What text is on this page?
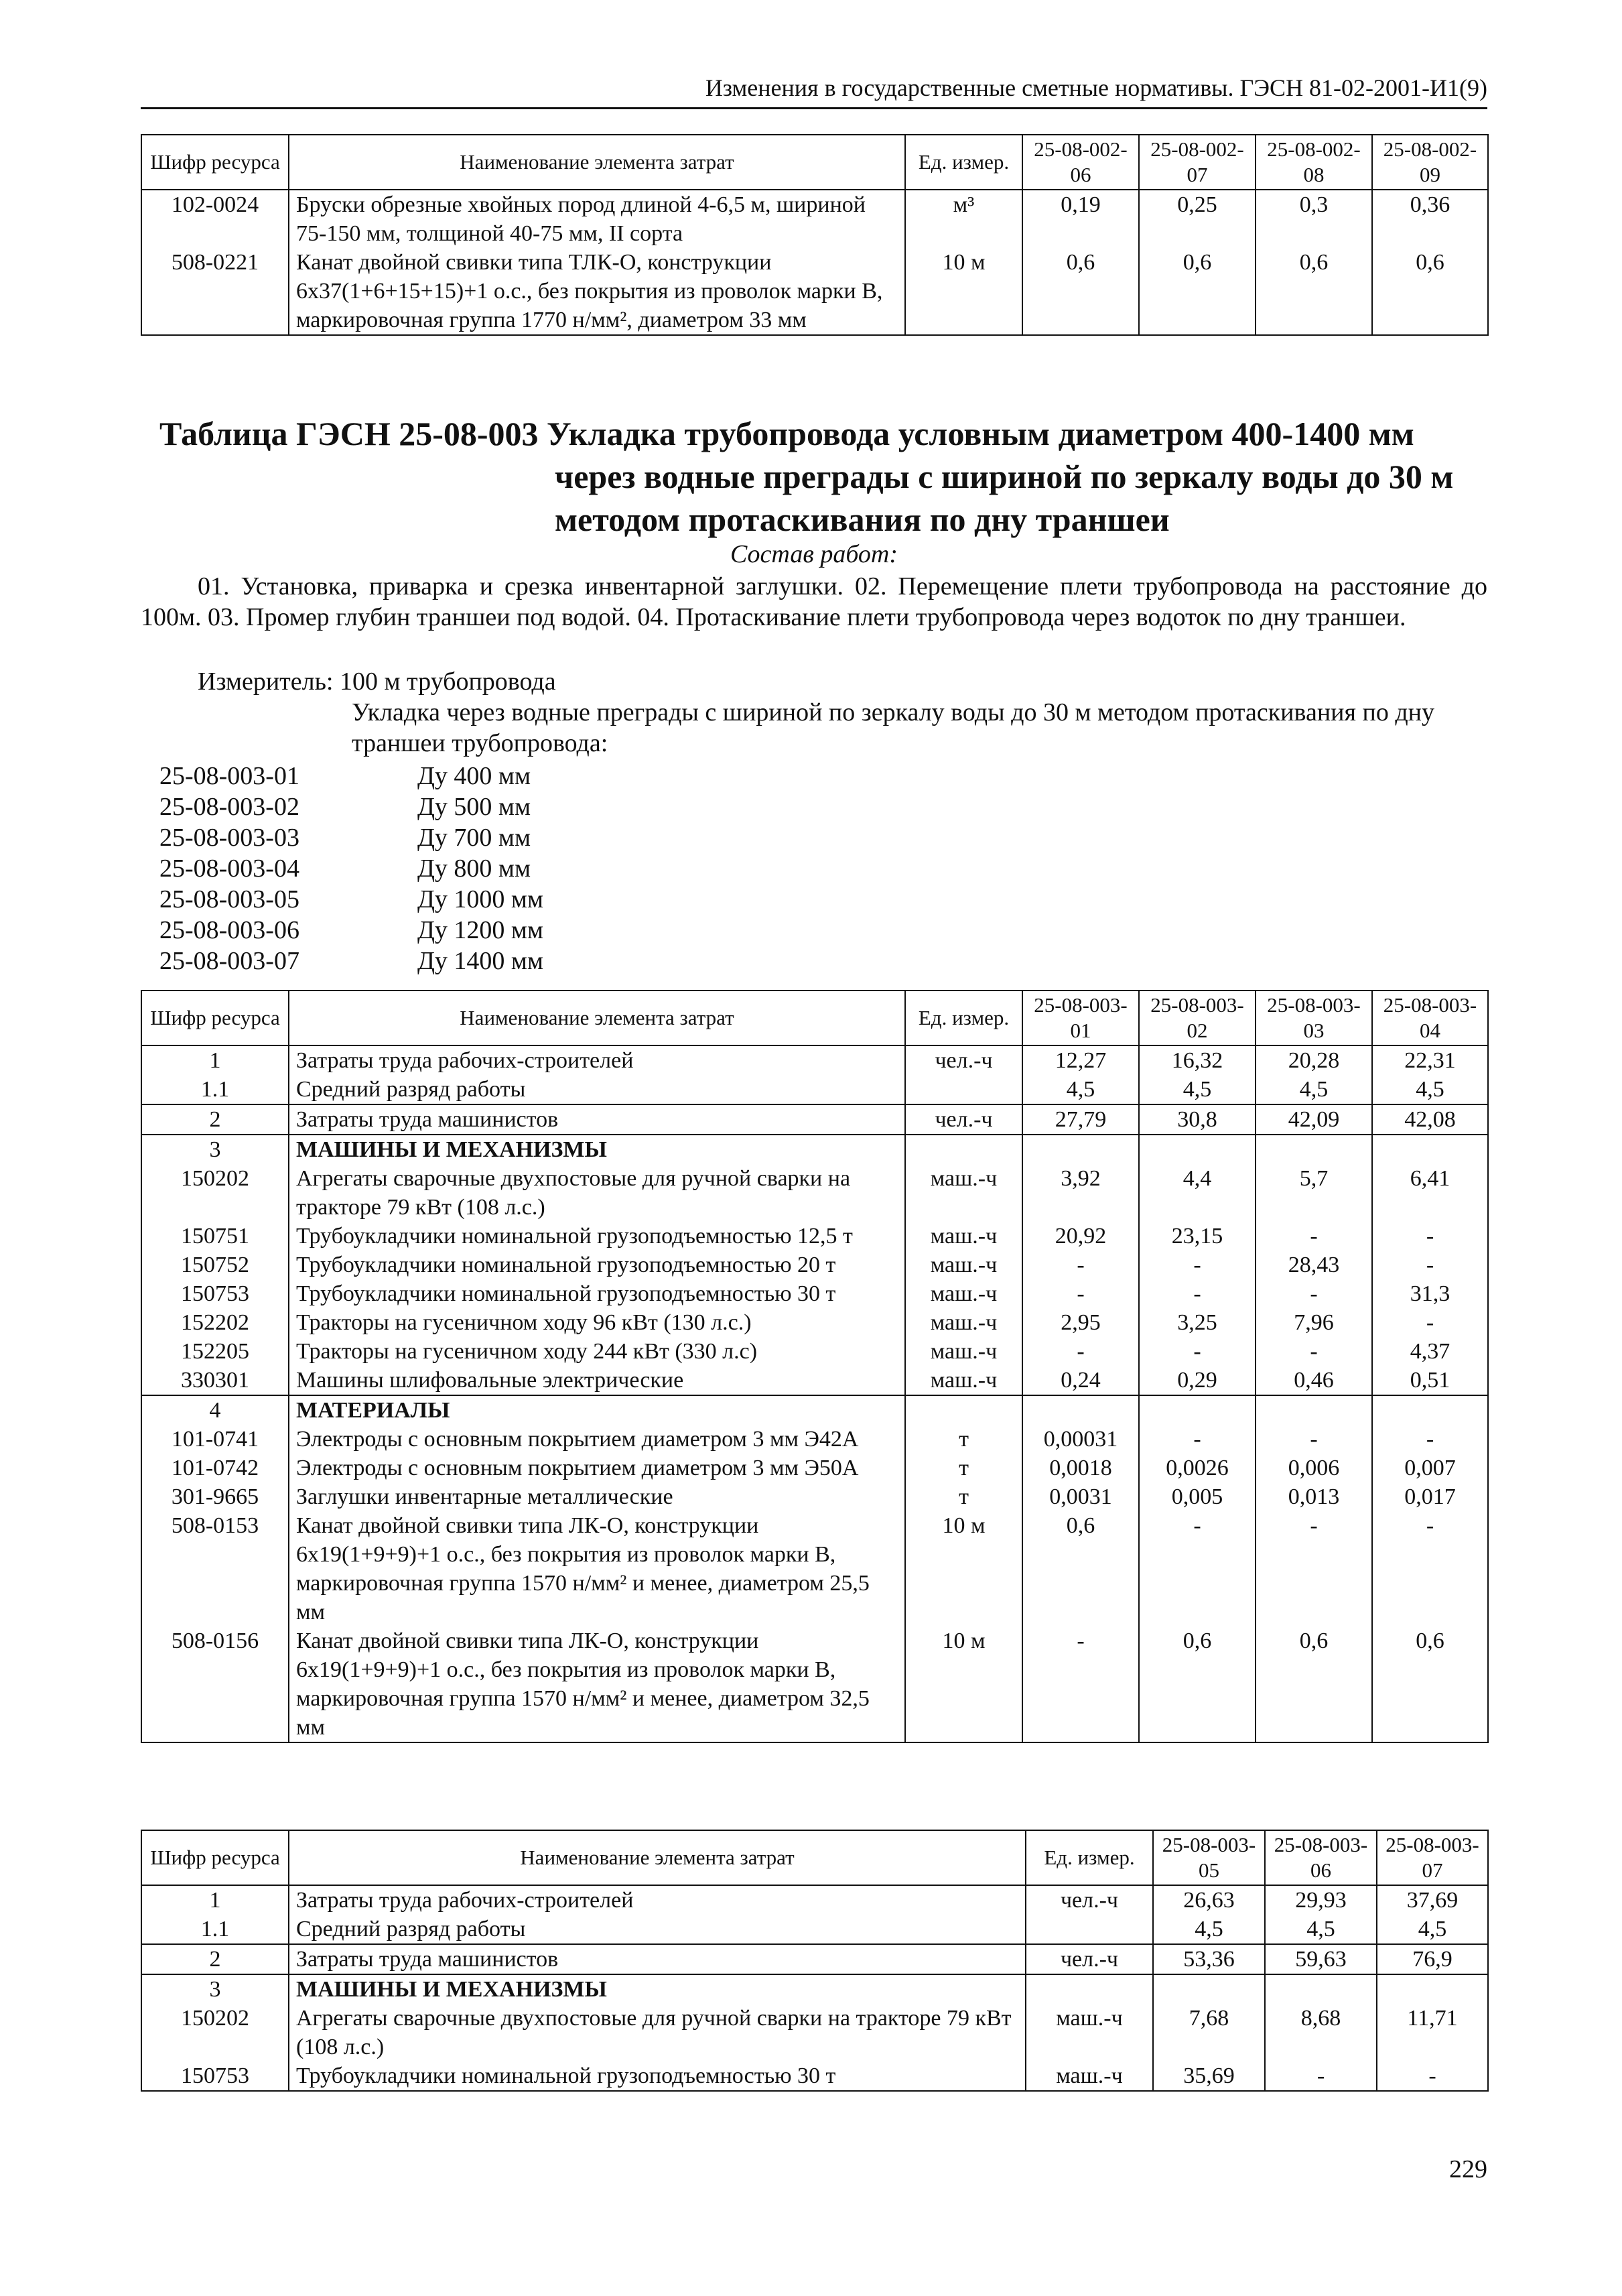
Изменения в государственные сметные нормативы. ГЭСН 81-02-2001-И1(9)
Шифр ресурса	Наименование элемента затрат	Ед. измер.	25-08-002-06	25-08-002-07	25-08-002-08	25-08-002-09
102-0024	Бруски обрезные хвойных пород длиной 4-6,5 м, шириной 75-150 мм, толщиной 40-75 мм, II сорта	м³	0,19	0,25	0,3	0,36
508-0221	Канат двойной свивки типа ТЛК-О, конструкции 6х37(1+6+15+15)+1 о.с., без покрытия из проволок марки В, маркировочная группа 1770 н/мм², диаметром 33 мм	10 м	0,6	0,6	0,6	0,6
Таблица ГЭСН 25-08-003 Укладка трубопровода условным диаметром 400-1400 мм
через водные преграды с шириной по зеркалу воды до 30 м
методом протаскивания по дну траншеи
Состав работ:
01. Установка, приварка и срезка инвентарной заглушки. 02. Перемещение плети трубопровода на расстояние до 100м. 03. Промер глубин траншеи под водой. 04. Протаскивание плети трубопровода через водоток по дну траншеи.
Измеритель: 100 м трубопровода
Укладка через водные преграды с шириной по зеркалу воды до 30 м методом протаскивания по дну траншеи трубопровода:
25-08-003-01	Ду 400 мм
25-08-003-02	Ду 500 мм
25-08-003-03	Ду 700 мм
25-08-003-04	Ду 800 мм
25-08-003-05	Ду 1000 мм
25-08-003-06	Ду 1200 мм
25-08-003-07	Ду 1400 мм
Шифр ресурса	Наименование элемента затрат	Ед. измер.	25-08-003-01	25-08-003-02	25-08-003-03	25-08-003-04
1	Затраты труда рабочих-строителей	чел.-ч	12,27	16,32	20,28	22,31
1.1	Средний разряд работы		4,5	4,5	4,5	4,5
2	Затраты труда машинистов	чел.-ч	27,79	30,8	42,09	42,08
3	МАШИНЫ И МЕХАНИЗМЫ					
150202	Агрегаты сварочные двухпостовые для ручной сварки на тракторе 79 кВт (108 л.с.)	маш.-ч	3,92	4,4	5,7	6,41
150751	Трубоукладчики номинальной грузоподъемностью 12,5 т	маш.-ч	20,92	23,15	-	-
150752	Трубоукладчики номинальной грузоподъемностью 20 т	маш.-ч	-	-	28,43	-
150753	Трубоукладчики номинальной грузоподъемностью 30 т	маш.-ч	-	-	-	31,3
152202	Тракторы на гусеничном ходу 96 кВт (130 л.с.)	маш.-ч	2,95	3,25	7,96	-
152205	Тракторы на гусеничном ходу 244 кВт (330 л.с)	маш.-ч	-	-	-	4,37
330301	Машины шлифовальные электрические	маш.-ч	0,24	0,29	0,46	0,51
4	МАТЕРИАЛЫ					
101-0741	Электроды с основным покрытием диаметром 3 мм Э42А	т	0,00031	-	-	-
101-0742	Электроды с основным покрытием диаметром 3 мм Э50А	т	0,0018	0,0026	0,006	0,007
301-9665	Заглушки инвентарные металлические	т	0,0031	0,005	0,013	0,017
508-0153	Канат двойной свивки типа ЛК-О, конструкции 6х19(1+9+9)+1 о.с., без покрытия из проволок марки В, маркировочная группа 1570 н/мм² и менее, диаметром 25,5 мм	10 м	0,6	-	-	-
508-0156	Канат двойной свивки типа ЛК-О, конструкции 6х19(1+9+9)+1 о.с., без покрытия из проволок марки В, маркировочная группа 1570 н/мм² и менее, диаметром 32,5 мм	10 м	-	0,6	0,6	0,6
Шифр ресурса	Наименование элемента затрат	Ед. измер.	25-08-003-05	25-08-003-06	25-08-003-07
1	Затраты труда рабочих-строителей	чел.-ч	26,63	29,93	37,69
1.1	Средний разряд работы		4,5	4,5	4,5
2	Затраты труда машинистов	чел.-ч	53,36	59,63	76,9
3	МАШИНЫ И МЕХАНИЗМЫ				
150202	Агрегаты сварочные двухпостовые для ручной сварки на тракторе 79 кВт (108 л.с.)	маш.-ч	7,68	8,68	11,71
150753	Трубоукладчики номинальной грузоподъемностью 30 т	маш.-ч	35,69	-	-
229
